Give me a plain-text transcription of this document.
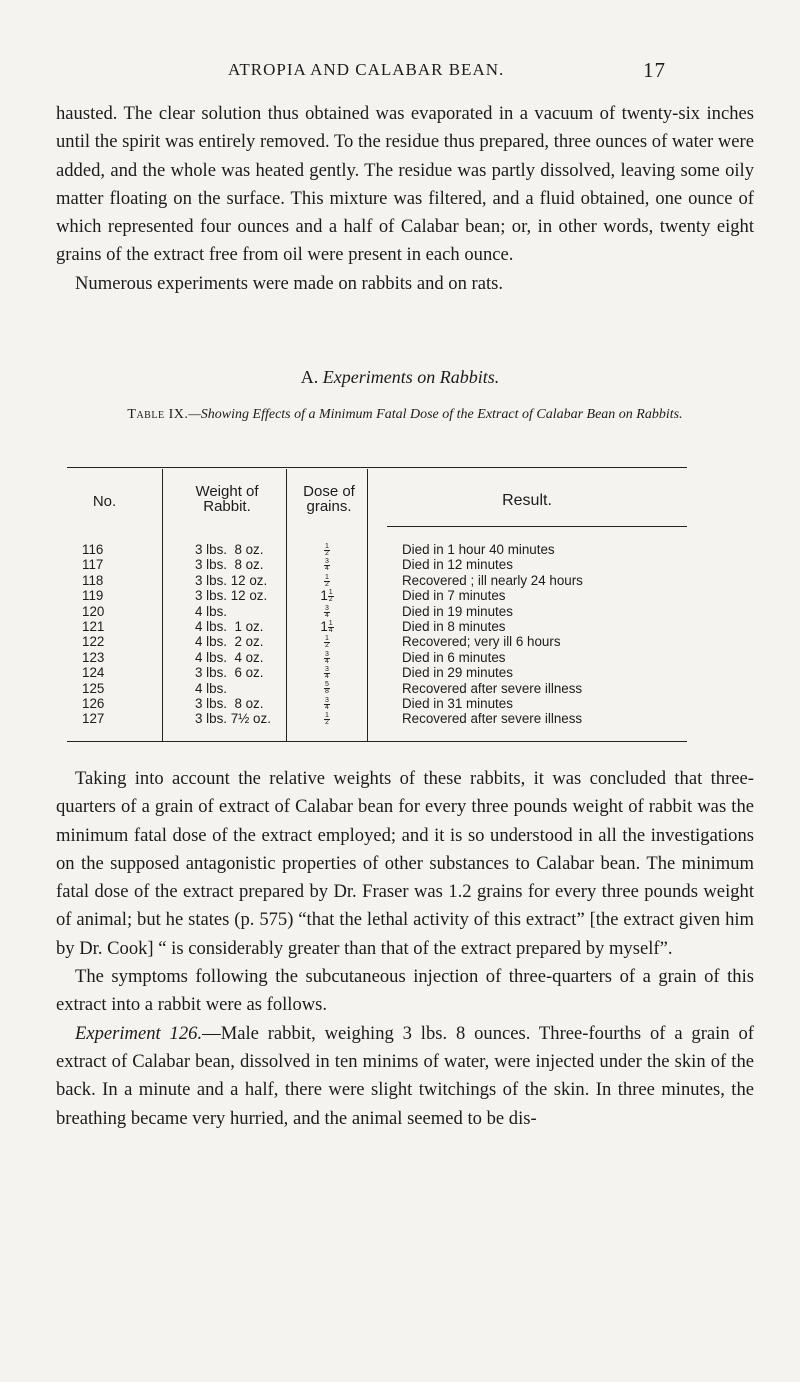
ATROPIA AND CALABAR BEAN.	17

hausted. The clear solution thus obtained was evaporated in a vacuum of twenty-six inches until the spirit was entirely removed. To the residue thus prepared, three ounces of water were added, and the whole was heated gently. The residue was partly dissolved, leaving some oily matter floating on the surface. This mixture was filtered, and a fluid obtained, one ounce of which represented four ounces and a half of Calabar bean; or, in other words, twenty eight grains of the extract free from oil were present in each ounce.

Numerous experiments were made on rabbits and on rats.

A. Experiments on Rabbits.
Table IX.—Showing Effects of a Minimum Fatal Dose of the Extract of Calabar Bean on Rabbits.
No.
Weight of Rabbit.
Dose of grains.	Result.
116
117
118
119
120
121
122
123
124
125
126
127
3 lbs.  8 oz.
3 lbs.  8 oz.
3 lbs. 12 oz.
3 lbs. 12 oz.
4 lbs.
4 lbs.  1 oz.
4 lbs.  2 oz.
4 lbs.  4 oz.
3 lbs.  6 oz.
4 lbs.
3 lbs.  8 oz.
3 lbs. 7½ oz.
$\frac{1}{2}$
$\frac{3}{4}$
$\frac{1}{2}$
$1 \frac{1}{2}$
$\frac{3}{4}$
$1 \frac{1}{4}$
$\frac{1}{2}$
$\frac{3}{4}$
$\frac{3}{4}$
$\frac{5}{8}$
$\frac{3}{4}$
$\frac{1}{2}$
Died in 1 hour 40 minutes
Died in 12 minutes
Recovered ; ill nearly 24 hours
Died in 7 minutes
Died in 19 minutes
Died in 8 minutes
Recovered; very ill 6 hours
Died in 6 minutes
Died in 29 minutes
Recovered after severe illness
Died in 31 minutes
Recovered after severe illness

Taking into account the relative weights of these rabbits, it was concluded that three-quarters of a grain of extract of Calabar bean for every three pounds weight of rabbit was the minimum fatal dose of the extract employed; and it is so understood in all the investigations on the supposed antagonistic properties of other substances to Calabar bean. The minimum fatal dose of the extract prepared by Dr. Fraser was 1.2 grains for every three pounds weight of animal; but he states (p. 575) “that the lethal activity of this extract” [the extract given him by Dr. Cook] “ is considerably greater than that of the extract prepared by myself”.

The symptoms following the subcutaneous injection of three-quarters of a grain of this extract into a rabbit were as follows.

Experiment 126.—Male rabbit, weighing 3 lbs. 8 ounces. Three-fourths of a grain of extract of Calabar bean, dissolved in ten minims of water, were injected under the skin of the back. In a minute and a half, there were slight twitchings of the skin. In three minutes, the breathing became very hurried, and the animal seemed to be dis-
